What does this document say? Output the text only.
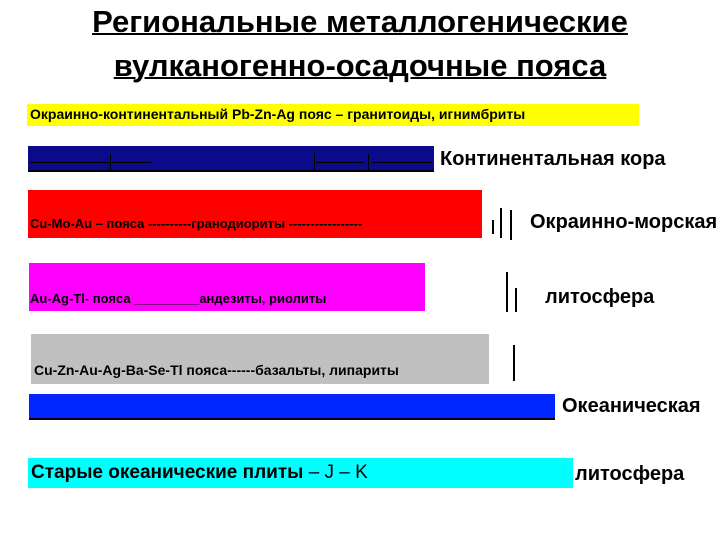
Региональные металлогенические
вулканогенно-осадочные пояса
Окраинно-континентальный Pb-Zn-Ag пояс – гранитоиды, игнимбриты
Cu-Mo-Au – пояса ----------гранодиориты -----------------
Au-Ag-Tl- пояса _________андезиты, риолиты
Cu-Zn-Au-Ag-Ba-Se-Tl пояса------базальты, липариты
Старые океанические плиты – J – K
Континентальная кора
Окраинно-морская
литосфера
Океаническая
литосфера
